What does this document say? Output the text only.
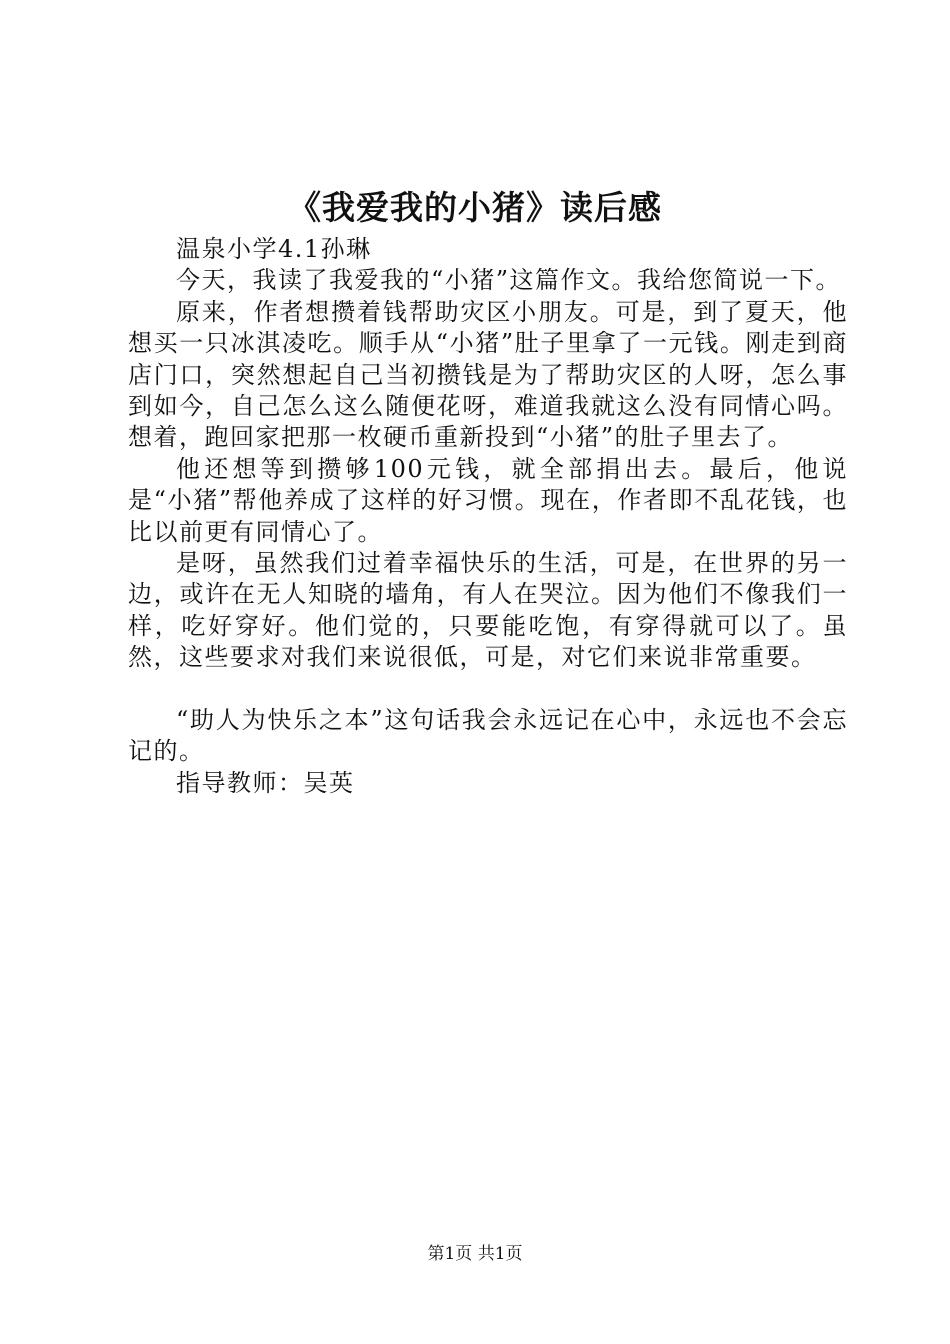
《我爱我的小猪》读后感

温泉小学4.1孙琳

今天，我读了我爱我的“小猪”这篇作文。我给您简说一下。

原来，作者想攒着钱帮助灾区小朋友。可是，到了夏天，他想买一只冰淇凌吃。顺手从“小猪”肚子里拿了一元钱。刚走到商店门口，突然想起自己当初攒钱是为了帮助灾区的人呀，怎么事到如今，自己怎么这么随便花呀，难道我就这么没有同情心吗。想着，跑回家把那一枚硬币重新投到“小猪”的肚子里去了。

他还想等到攒够100元钱，就全部捐出去。最后，他说是“小猪”帮他养成了这样的好习惯。现在，作者即不乱花钱，也比以前更有同情心了。

是呀，虽然我们过着幸福快乐的生活，可是，在世界的另一边，或许在无人知晓的墙角，有人在哭泣。因为他们不像我们一样，吃好穿好。他们觉的，只要能吃饱，有穿得就可以了。虽然，这些要求对我们来说很低，可是，对它们来说非常重要。

“助人为快乐之本”这句话我会永远记在心中，永远也不会忘记的。

指导教师：吴英

第1页 共1页
